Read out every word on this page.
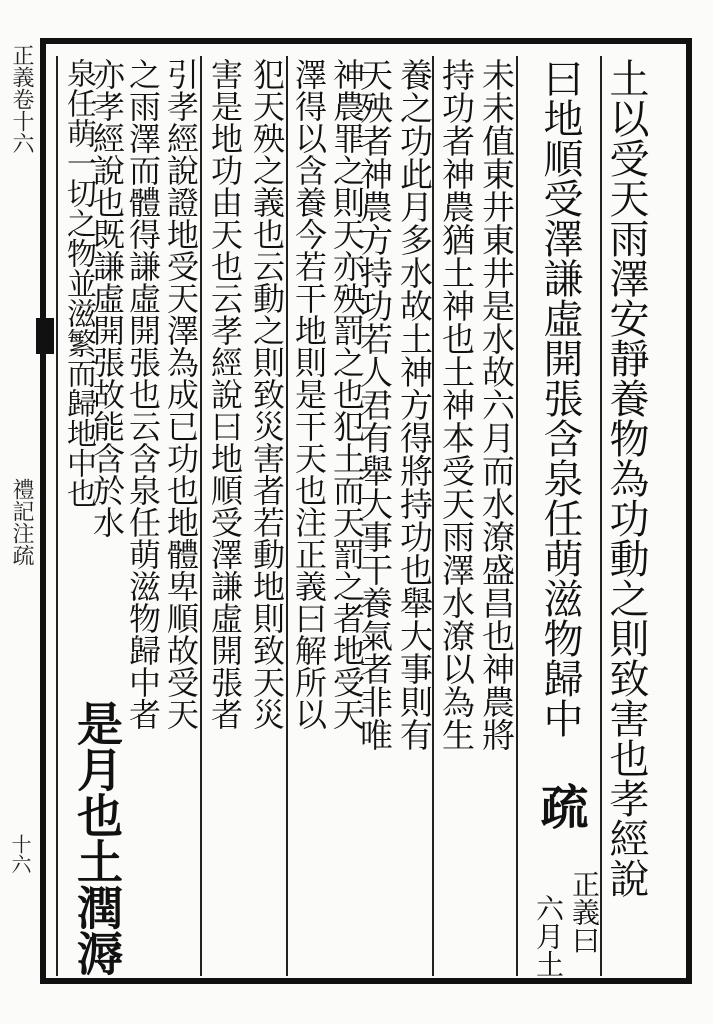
正義卷十六
禮記注疏
十六	土以受天雨澤安靜養物為功動之則致害也孝經說
曰地順受澤謙虛開張含泉任萌滋物歸中
疏
正義曰
六月土
未未值東井東井是水故六月而水潦盛昌也神農將
持功者神農猶土神也土神本受天雨澤水潦以為生
養之功此月多水故土神方得將持功也舉大事則有
天殃者神農方持功若人君有舉大事干養氣者非唯
神農罪之則天亦殃罰之也犯土而天罰之者地受天
澤得以含養今若干地則是干天也注正義曰解所以
犯天殃之義也云動之則致災害者若動地則致天災
害是地功由天也云孝經說曰地順受澤謙虛開張者
引孝經說證地受天澤為成已功也地體卑順故受天
之雨澤而體得謙虛開張也云含泉任萌滋物歸中者
亦孝經說也既謙虛開張故能含於水
是月也土潤溽
泉任萌一切之物並滋繁而歸地中也
